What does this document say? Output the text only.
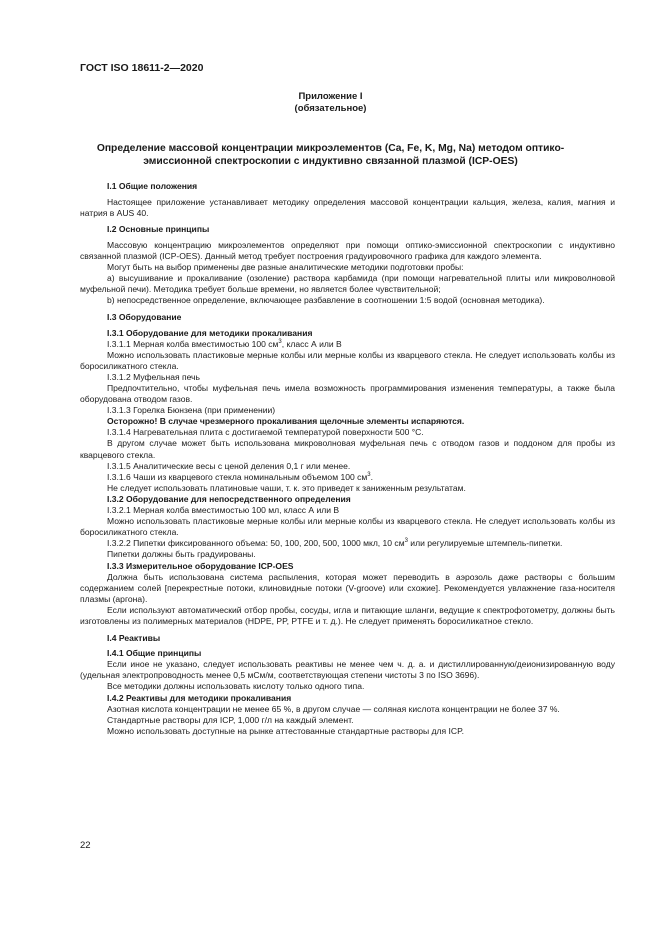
ГОСТ ISO 18611-2—2020
Приложение I
(обязательное)
Определение массовой концентрации микроэлементов (Ca, Fe, K, Mg, Na) методом оптико-эмиссионной спектроскопии с индуктивно связанной плазмой (ICP-OES)

I.1 Общие положения

Настоящее приложение устанавливает методику определения массовой концентрации кальция, железа, калия, магния и натрия в AUS 40.

I.2 Основные принципы

Массовую концентрацию микроэлементов определяют при помощи оптико-эмиссионной спектроскопии с индуктивно связанной плазмой (ICP-OES). Данный метод требует построения градуировочного графика для каждого элемента.

Могут быть на выбор применены две разные аналитические методики подготовки пробы:

a) высушивание и прокаливание (озоление) раствора карбамида (при помощи нагревательной плиты или микроволновой муфельной печи). Методика требует больше времени, но является более чувствительной;

b) непосредственное определение, включающее разбавление в соотношении 1:5 водой (основная методика).

I.3 Оборудование

I.3.1 Оборудование для методики прокаливания

I.3.1.1 Мерная колба вместимостью 100 $см^3$, класс А или В

Можно использовать пластиковые мерные колбы или мерные колбы из кварцевого стекла. Не следует использовать колбы из боросиликатного стекла.

I.3.1.2 Муфельная печь

Предпочтительно, чтобы муфельная печь имела возможность программирования изменения температуры, а также была оборудована отводом газов.

I.3.1.3 Горелка Бюнзена (при применении)

Осторожно! В случае чрезмерного прокаливания щелочные элементы испаряются.

I.3.1.4 Нагревательная плита с достигаемой температурой поверхности 500 °С.

В другом случае может быть использована микроволновая муфельная печь с отводом газов и поддоном для пробы из кварцевого стекла.

I.3.1.5 Аналитические весы с ценой деления 0,1 г или менее.

I.3.1.6 Чаши из кварцевого стекла номинальным объемом 100 $см^3$.

Не следует использовать платиновые чаши, т. к. это приведет к заниженным результатам.

I.3.2 Оборудование для непосредственного определения

I.3.2.1 Мерная колба вместимостью 100 мл, класс А или В

Можно использовать пластиковые мерные колбы или мерные колбы из кварцевого стекла. Не следует использовать колбы из боросиликатного стекла.

I.3.2.2 Пипетки фиксированного объема: 50, 100, 200, 500, 1000 мкл, 10 $см^3$ или регулируемые штемпель-пипетки.

Пипетки должны быть градуированы.

I.3.3 Измерительное оборудование ICP-OES

Должна быть использована система распыления, которая может переводить в аэрозоль даже растворы с большим содержанием солей [перекрестные потоки, клиновидные потоки (V-groove) или схожие]. Рекомендуется увлажнение газа-носителя плазмы (аргона).

Если используют автоматический отбор пробы, сосуды, игла и питающие шланги, ведущие к спектрофотометру, должны быть изготовлены из полимерных материалов (HDPE, PP, PTFE и т. д.). Не следует применять боросиликатное стекло.

I.4 Реактивы

I.4.1 Общие принципы

Если иное не указано, следует использовать реактивы не менее чем ч. д. а. и дистиллированную/деионизированную воду (удельная электропроводность менее 0,5 мСм/м, соответствующая степени чистоты 3 по ISO 3696).

Все методики должны использовать кислоту только одного типа.

I.4.2 Реактивы для методики прокаливания

Азотная кислота концентрации не менее 65 %, в другом случае — соляная кислота концентрации не более 37 %.

Стандартные растворы для ICP, 1,000 г/л на каждый элемент.

Можно использовать доступные на рынке аттестованные стандартные растворы для ICP.

22
